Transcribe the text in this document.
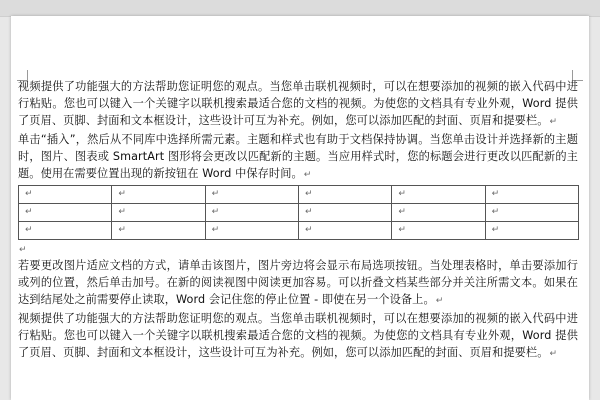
视频提供了功能强大的方法帮助您证明您的观点。当您单击联机视频时，可以在想要添加的视频的嵌入代码中进行粘贴。您也可以键入一个关键字以联机搜索最适合您的文档的视频。为使您的文档具有专业外观，Word 提供了页眉、页脚、封面和文本框设计，这些设计可互为补充。例如，您可以添加匹配的封面、页眉和提要栏。↵
单击“插入”，然后从不同库中选择所需元素。主题和样式也有助于文档保持协调。当您单击设计并选择新的主题时，图片、图表或 SmartArt 图形将会更改以匹配新的主题。当应用样式时，您的标题会进行更改以匹配新的主题。使用在需要位置出现的新按钮在 Word 中保存时间。↵
↵	↵	↵	↵	↵	↵
↵	↵	↵	↵	↵	↵
↵	↵	↵	↵	↵	↵
↵
若要更改图片适应文档的方式，请单击该图片，图片旁边将会显示布局选项按钮。当处理表格时，单击要添加行或列的位置，然后单击加号。在新的阅读视图中阅读更加容易。可以折叠文档某些部分并关注所需文本。如果在达到结尾处之前需要停止读取，Word 会记住您的停止位置 - 即使在另一个设备上。↵
视频提供了功能强大的方法帮助您证明您的观点。当您单击联机视频时，可以在想要添加的视频的嵌入代码中进行粘贴。您也可以键入一个关键字以联机搜索最适合您的文档的视频。为使您的文档具有专业外观，Word 提供了页眉、页脚、封面和文本框设计，这些设计可互为补充。例如，您可以添加匹配的封面、页眉和提要栏。↵
